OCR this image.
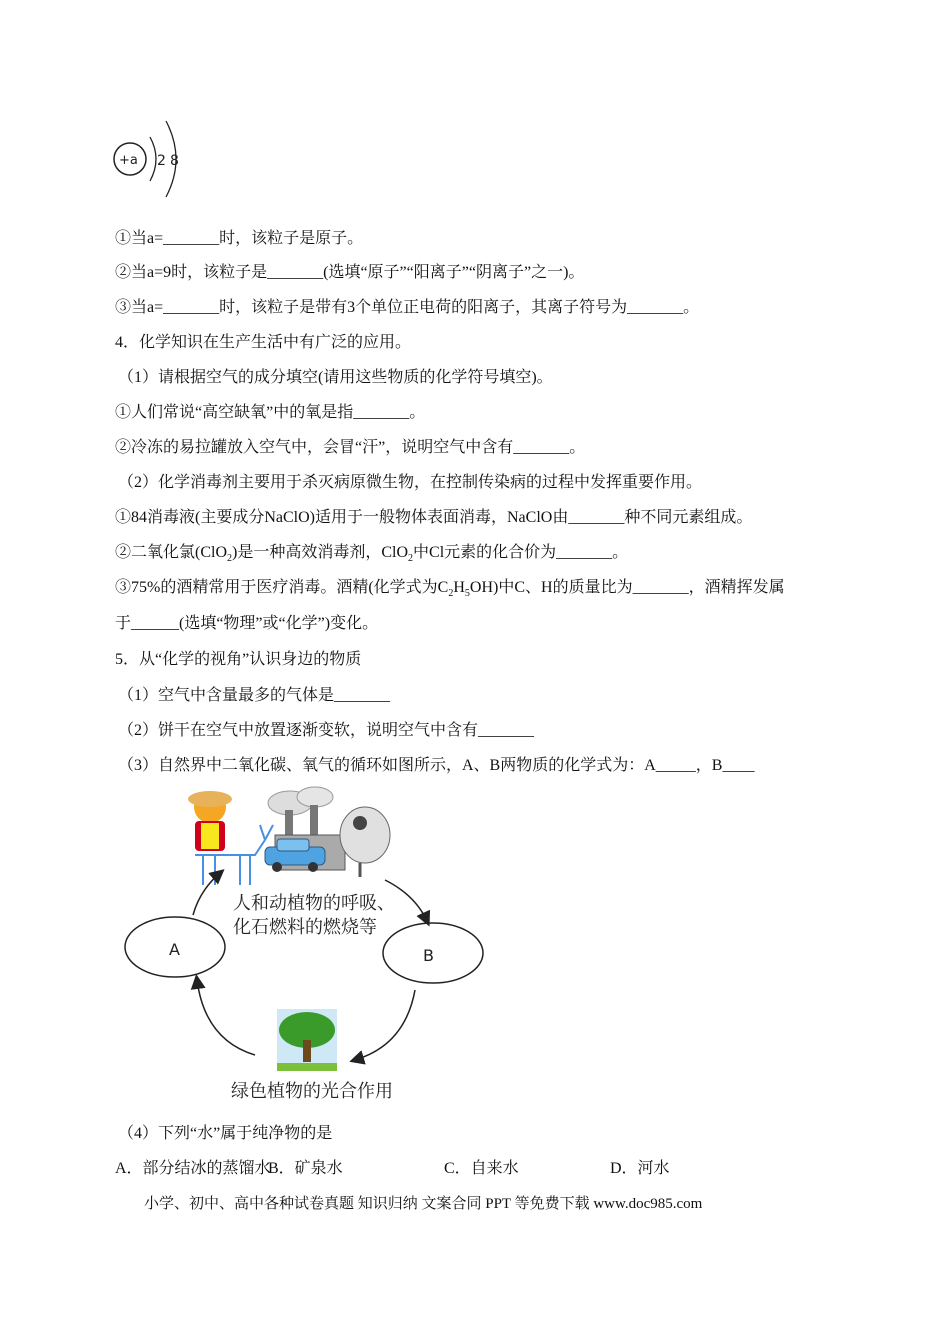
+a 2 8
①当a=_______时，该粒子是原子。
②当a=9时，该粒子是_______(选填“原子”“阳离子”“阴离子”之一)。
③当a=_______时，该粒子是带有3个单位正电荷的阳离子，其离子符号为_______。
4．化学知识在生产生活中有广泛的应用。
（1）请根据空气的成分填空(请用这些物质的化学符号填空)。
①人们常说“高空缺氧”中的氧是指_______。
②冷冻的易拉罐放入空气中，会冒“汗”，说明空气中含有_______。
（2）化学消毒剂主要用于杀灭病原微生物，在控制传染病的过程中发挥重要作用。
①84消毒液(主要成分NaClO)适用于一般物体表面消毒，NaClO由_______种不同元素组成。
②二氧化氯(ClO$_2$)是一种高效消毒剂，ClO$_2$中Cl元素的化合价为_______。
③75%的酒精常用于医疗消毒。酒精(化学式为$C_2H_5OH$)中C、H的质量比为_______，酒精挥发属
于______(选填“物理”或“化学”)变化。
5．从“化学的视角”认识身边的物质
（1）空气中含量最多的气体是_______
（2）饼干在空气中放置逐渐变软，说明空气中含有_______
（3）自然界中二氧化碳、氧气的循环如图所示，A、B两物质的化学式为：A_____，B____
人和动植物的呼吸、
化石燃料的燃烧等
A	B
绿色植物的光合作用
（4）下列“水”属于纯净物的是
A．部分结冰的蒸馏水
B．矿泉水	C．自来水	D．河水
小学、初中、高中各种试卷真题 知识归纳 文案合同 PPT 等免费下载 www.doc985.com
